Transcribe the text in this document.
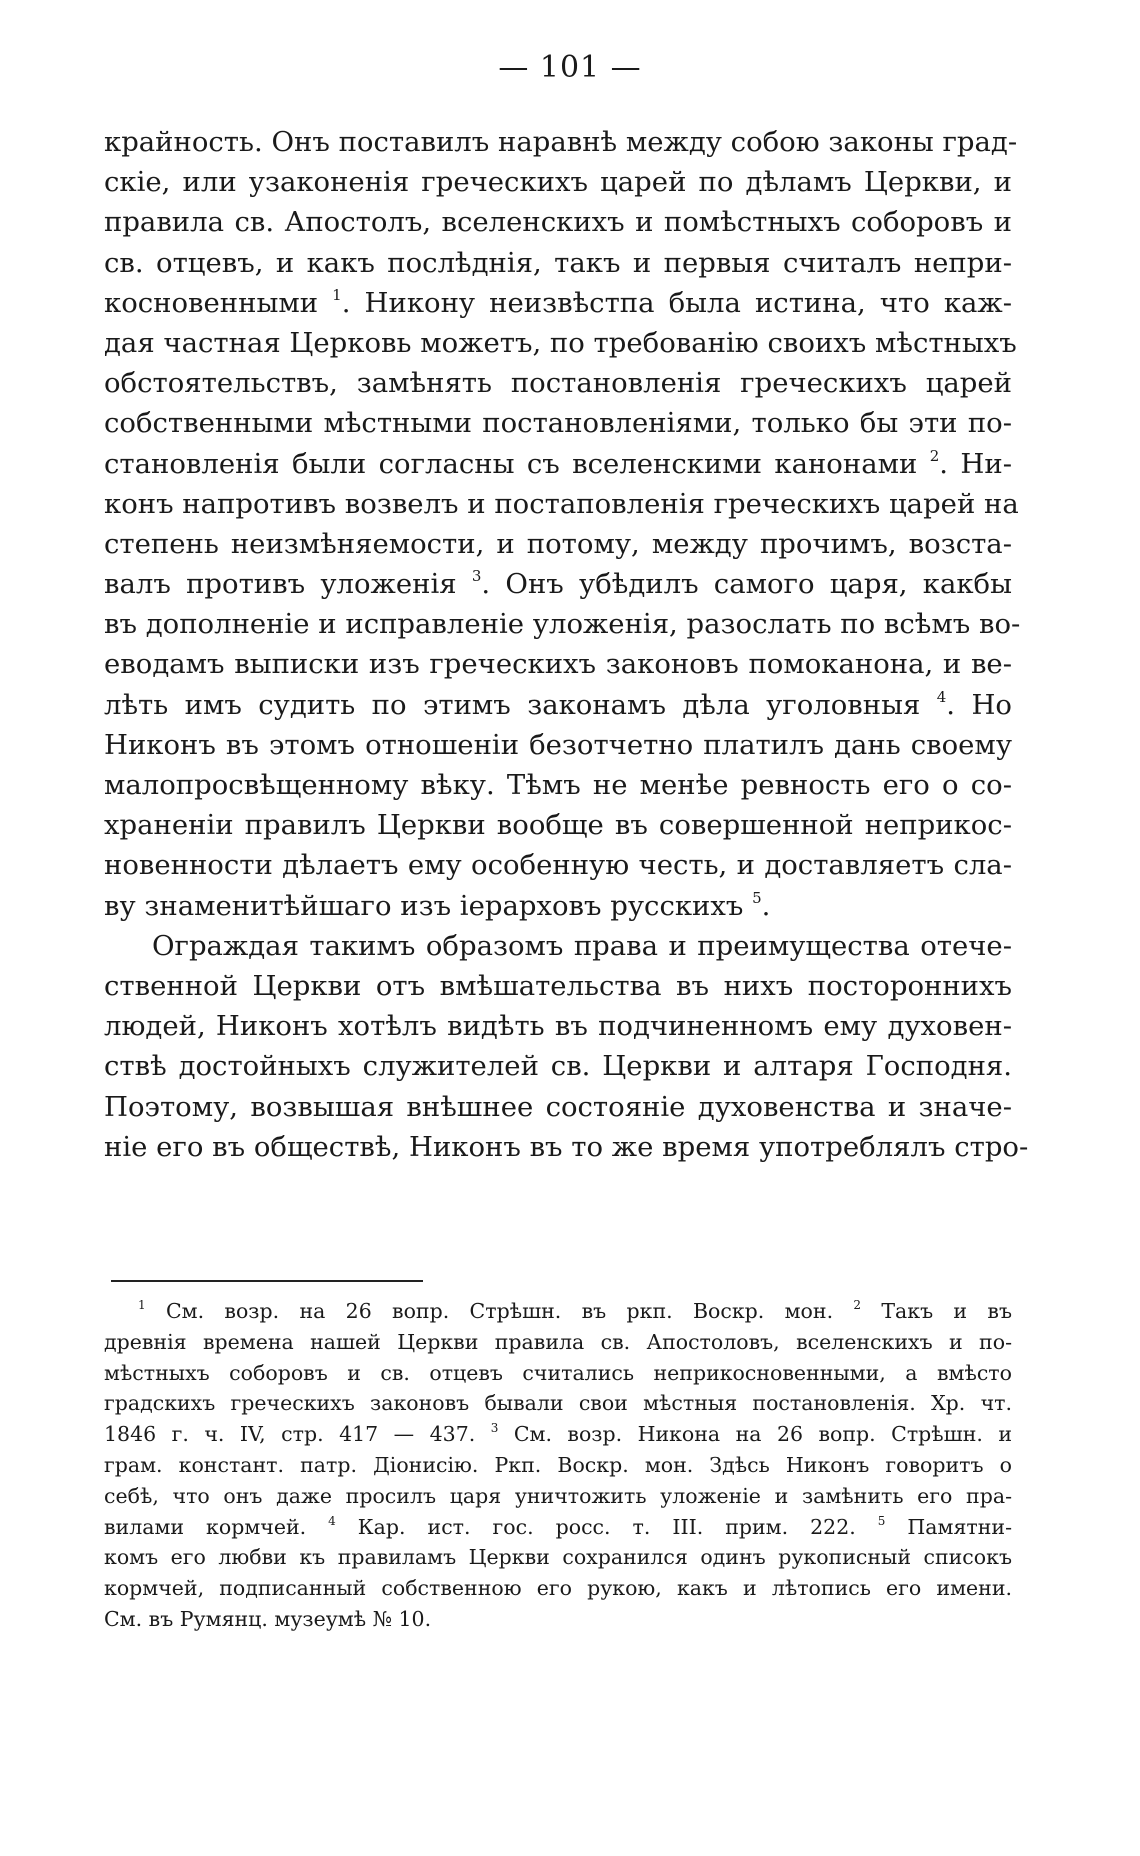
— 101 —
крайность. Онъ поставилъ наравнѣ между собою законы град-
скіе, или узаконенія греческихъ царей по дѣламъ Церкви, и
правила св. Апостолъ, вселенскихъ и помѣстныхъ соборовъ и
св. отцевъ, и какъ послѣднія, такъ и первыя считалъ непри-
косновенными $^1$. Никону неизвѣстпа была истина, что каж-
дая частная Церковь можетъ, по требованію своихъ мѣстныхъ
обстоятельствъ, замѣнять постановленія греческихъ царей
собственными мѣстными постановленіями, только бы эти по-
становленія были согласны съ вселенскими канонами $^2$. Ни-
конъ напротивъ возвелъ и постаповленія греческихъ царей на
степень неизмѣняемости, и потому, между прочимъ, возста-
валъ противъ уложенія $^3$. Онъ убѣдилъ самого царя, какбы
въ дополненіе и исправленіе уложенія, разослать по всѣмъ во-
еводамъ выписки изъ греческихъ законовъ помоканона, и ве-
лѣть имъ судить по этимъ законамъ дѣла уголовныя $^4$. Но
Никонъ въ этомъ отношеніи безотчетно платилъ дань своему
малопросвѣщенному вѣку. Тѣмъ не менѣе ревность его о со-
храненіи правилъ Церкви вообще въ совершенной неприкос-
новенности дѣлаетъ ему особенную честь, и доставляетъ сла-
ву знаменитѣйшаго изъ іерарховъ русскихъ $^5$.
Ограждая такимъ образомъ права и преимущества отече-
ственной Церкви отъ вмѣшательства въ нихъ постороннихъ
людей, Никонъ хотѣлъ видѣть въ подчиненномъ ему духовен-
ствѣ достойныхъ служителей св. Церкви и алтаря Господня.
Поэтому, возвышая внѣшнее состояніе духовенства и значе-
ніе его въ обществѣ, Никонъ въ то же время употреблялъ стро-
$^1$ См. возр. на 26 вопр. Стрѣшн. въ ркп. Воскр. мон. $^2$ Такъ и въ
древнія времена нашей Церкви правила св. Апостоловъ, вселенскихъ и по-
мѣстныхъ соборовъ и св. отцевъ считались неприкосновенными, а вмѣсто
градскихъ греческихъ законовъ бывали свои мѣстныя постановленія. Хр. чт.
1846 г. ч. IV, стр. 417 — 437. $^3$ См. возр. Никона на 26 вопр. Стрѣшн. и
грам. констант. патр. Діонисію. Ркп. Воскр. мон. Здѣсь Никонъ говоритъ о
себѣ, что онъ даже просилъ царя уничтожить уложеніе и замѣнить его пра-
вилами кормчей. $^4$ Кар. ист. гос. росс. т. III. прим. 222. $^5$ Памятни-
комъ его любви къ правиламъ Церкви сохранился одинъ рукописный списокъ
кормчей, подписанный собственною его рукою, какъ и лѣтопись его имени.
См. въ Румянц. музеумѣ № 10.
